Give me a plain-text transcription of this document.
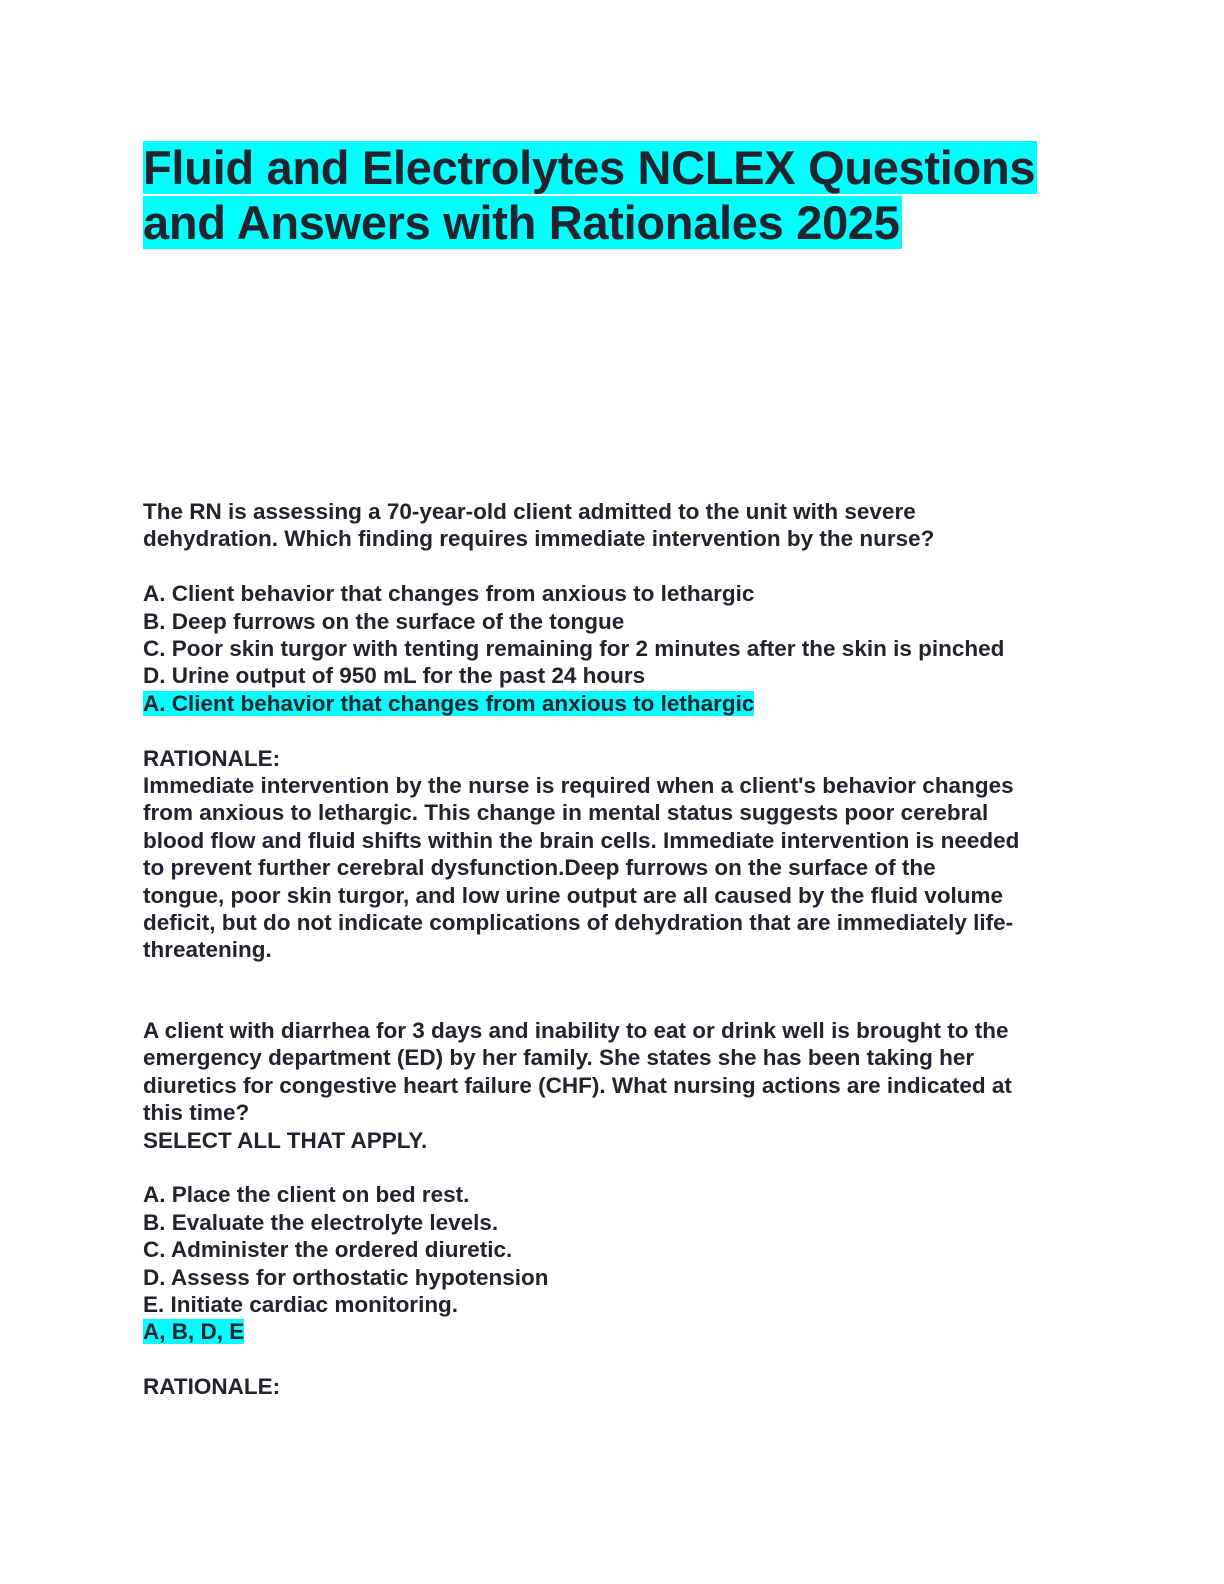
Fluid and Electrolytes NCLEX Questions
and Answers with Rationales 2025
The RN is assessing a 70-year-old client admitted to the unit with severe
dehydration. Which finding requires immediate intervention by the nurse?
A. Client behavior that changes from anxious to lethargic
B. Deep furrows on the surface of the tongue
C. Poor skin turgor with tenting remaining for 2 minutes after the skin is pinched
D. Urine output of 950 mL for the past 24 hours
A. Client behavior that changes from anxious to lethargic
RATIONALE:
Immediate intervention by the nurse is required when a client's behavior changes
from anxious to lethargic. This change in mental status suggests poor cerebral
blood flow and fluid shifts within the brain cells. Immediate intervention is needed
to prevent further cerebral dysfunction.Deep furrows on the surface of the
tongue, poor skin turgor, and low urine output are all caused by the fluid volume
deficit, but do not indicate complications of dehydration that are immediately life-
threatening.
A client with diarrhea for 3 days and inability to eat or drink well is brought to the
emergency department (ED) by her family. She states she has been taking her
diuretics for congestive heart failure (CHF). What nursing actions are indicated at
this time?
SELECT ALL THAT APPLY.
A. Place the client on bed rest.
B. Evaluate the electrolyte levels.
C. Administer the ordered diuretic.
D. Assess for orthostatic hypotension
E. Initiate cardiac monitoring.
A, B, D, E
RATIONALE:
